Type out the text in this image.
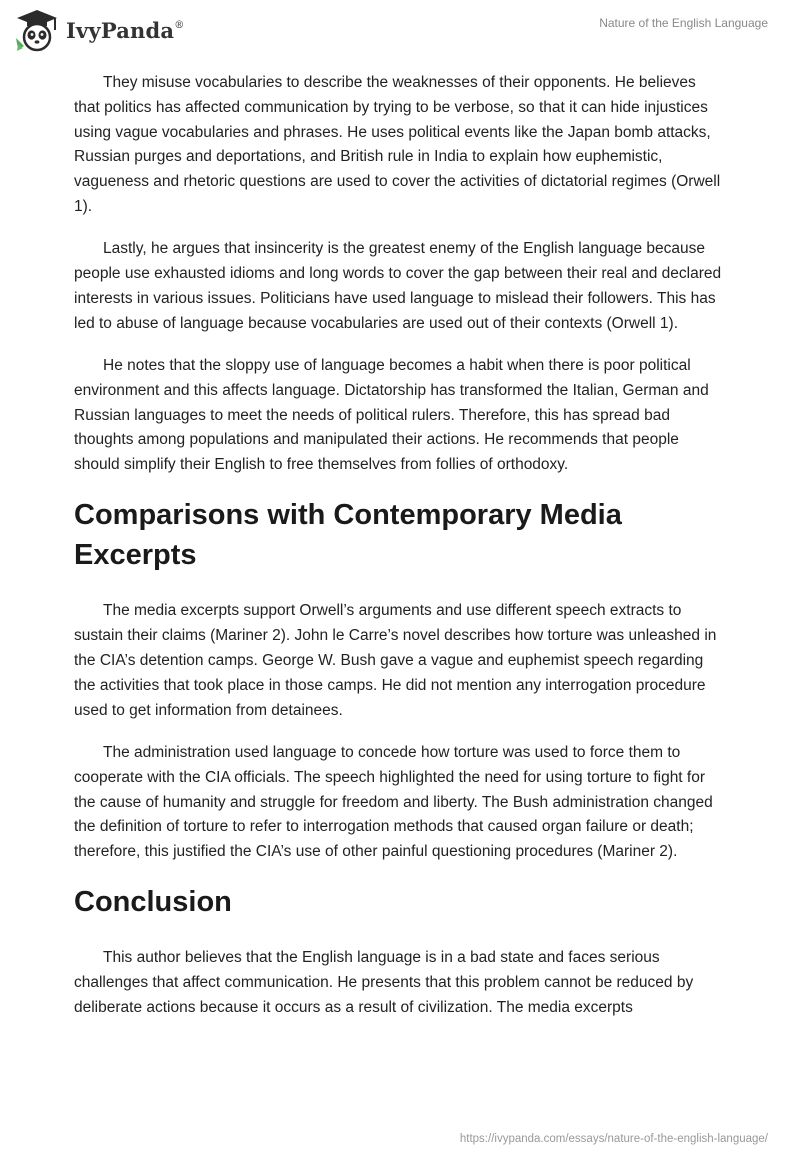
IvyPanda®	Nature of the English Language

They misuse vocabularies to describe the weaknesses of their opponents. He believes that politics has affected communication by trying to be verbose, so that it can hide injustices using vague vocabularies and phrases. He uses political events like the Japan bomb attacks, Russian purges and deportations, and British rule in India to explain how euphemistic, vagueness and rhetoric questions are used to cover the activities of dictatorial regimes (Orwell 1).

Lastly, he argues that insincerity is the greatest enemy of the English language because people use exhausted idioms and long words to cover the gap between their real and declared interests in various issues. Politicians have used language to mislead their followers. This has led to abuse of language because vocabularies are used out of their contexts (Orwell 1).

He notes that the sloppy use of language becomes a habit when there is poor political environment and this affects language. Dictatorship has transformed the Italian, German and Russian languages to meet the needs of political rulers. Therefore, this has spread bad thoughts among populations and manipulated their actions. He recommends that people should simplify their English to free themselves from follies of orthodoxy.

Comparisons with Contemporary Media Excerpts

The media excerpts support Orwell’s arguments and use different speech extracts to sustain their claims (Mariner 2). John le Carre’s novel describes how torture was unleashed in the CIA’s detention camps. George W. Bush gave a vague and euphemist speech regarding the activities that took place in those camps. He did not mention any interrogation procedure used to get information from detainees.

The administration used language to concede how torture was used to force them to cooperate with the CIA officials. The speech highlighted the need for using torture to fight for the cause of humanity and struggle for freedom and liberty. The Bush administration changed the definition of torture to refer to interrogation methods that caused organ failure or death; therefore, this justified the CIA’s use of other painful questioning procedures (Mariner 2).

Conclusion

This author believes that the English language is in a bad state and faces serious challenges that affect communication. He presents that this problem cannot be reduced by deliberate actions because it occurs as a result of civilization. The media excerpts

https://ivypanda.com/essays/nature-of-the-english-language/
